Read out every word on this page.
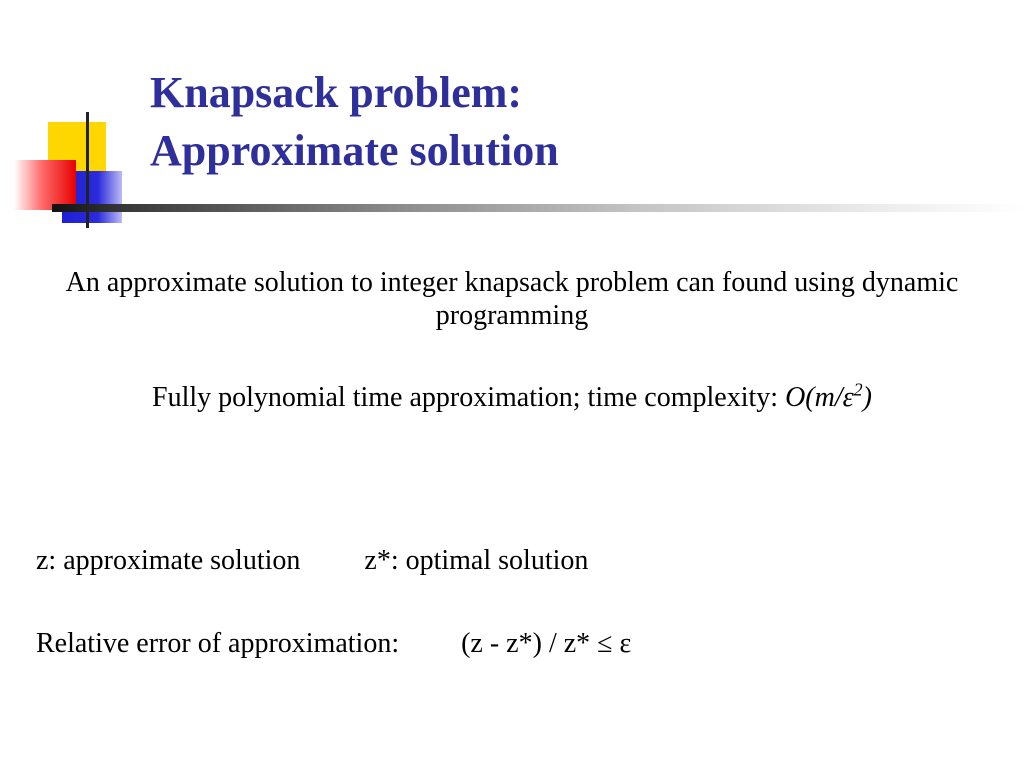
Knapsack problem:
Approximate solution

An approximate solution to integer knapsack problem can found using dynamic programming

Fully polynomial time approximation; time complexity: $O(m/\varepsilon^2)$

z: approximate solution z*: optimal solution

Relative error of approximation: (z - z*) / z* ≤ ε
